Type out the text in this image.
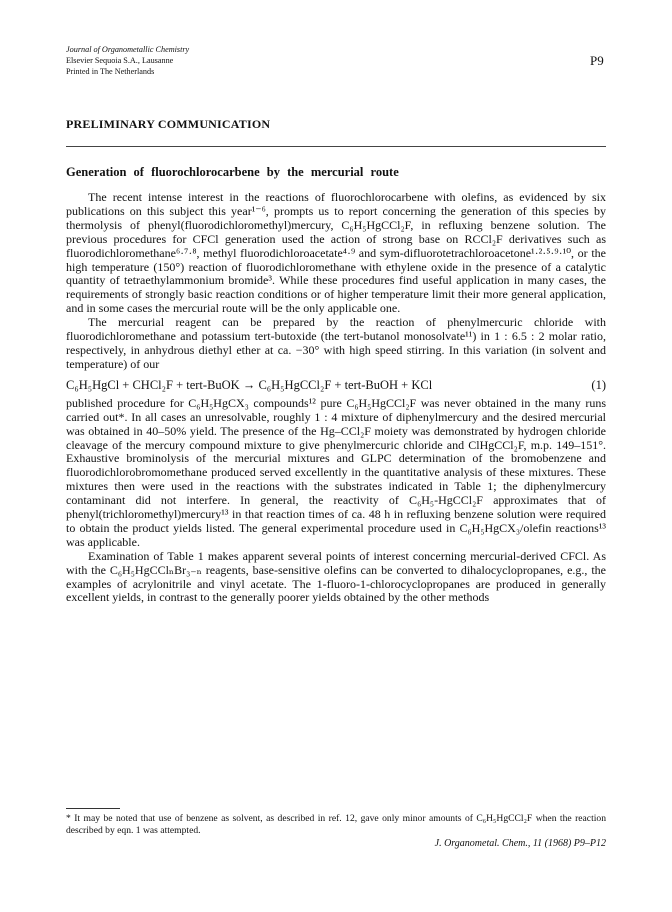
Journal of Organometallic Chemistry
Elsevier Sequoia S.A., Lausanne
Printed in The Netherlands
P9
PRELIMINARY COMMUNICATION
Generation of fluorochlorocarbene by the mercurial route

The recent intense interest in the reactions of fluorochlorocarbene with olefins, as evidenced by six publications on this subject this year¹⁻⁶, prompts us to report concerning the generation of this species by thermolysis of phenyl(fluorodichloromethyl)mercury, C₆H₅HgCCl₂F, in refluxing benzene solution. The previous procedures for CFCl generation used the action of strong base on RCCl₂F derivatives such as fluorodichloromethane⁶·⁷·⁸, methyl fluorodichloroacetate⁴·⁹ and sym-difluorotetrachloroacetone¹·²·⁵·⁹·¹⁰, or the high temperature (150°) reaction of fluorodichloromethane with ethylene oxide in the presence of a catalytic quantity of tetraethylammonium bromide³. While these procedures find useful application in many cases, the requirements of strongly basic reaction conditions or of higher temperature limit their more general application, and in some cases the mercurial route will be the only applicable one.

The mercurial reagent can be prepared by the reaction of phenylmercuric chloride with fluorodichloromethane and potassium tert-butoxide (the tert-butanol monosolvate¹¹) in 1 : 6.5 : 2 molar ratio, respectively, in anhydrous diethyl ether at ca. −30° with high speed stirring. In this variation (in solvent and temperature) of our

C₆H₅HgCl + CHCl₂F + tert-BuOK → C₆H₅HgCCl₂F + tert-BuOH + KCl	(1)

published procedure for C₆H₅HgCX₃ compounds¹² pure C₆H₅HgCCl₂F was never obtained in the many runs carried out*. In all cases an unresolvable, roughly 1 : 4 mixture of diphenylmercury and the desired mercurial was obtained in 40–50% yield. The presence of the Hg–CCl₂F moiety was demonstrated by hydrogen chloride cleavage of the mercury compound mixture to give phenylmercuric chloride and ClHgCCl₂F, m.p. 149–151°. Exhaustive brominolysis of the mercurial mixtures and GLPC determination of the bromobenzene and fluorodichlorobromomethane produced served excellently in the quantitative analysis of these mixtures. These mixtures then were used in the reactions with the substrates indicated in Table 1; the diphenylmercury contaminant did not interfere. In general, the reactivity of C₆H₅-HgCCl₂F approximates that of phenyl(trichloromethyl)mercury¹³ in that reaction times of ca. 48 h in refluxing benzene solution were required to obtain the product yields listed. The general experimental procedure used in C₆H₅HgCX₃/olefin reactions¹³ was applicable.

Examination of Table 1 makes apparent several points of interest concerning mercurial-derived CFCl. As with the C₆H₅HgCClₙBr₃₋ₙ reagents, base-sensitive olefins can be converted to dihalocyclopropanes, e.g., the examples of acrylonitrile and vinyl acetate. The 1-fluoro-1-chlorocyclopropanes are produced in generally excellent yields, in contrast to the generally poorer yields obtained by the other methods

* It may be noted that use of benzene as solvent, as described in ref. 12, gave only minor amounts of C₆H₅HgCCl₂F when the reaction described by eqn. 1 was attempted.
J. Organometal. Chem., 11 (1968) P9–P12
